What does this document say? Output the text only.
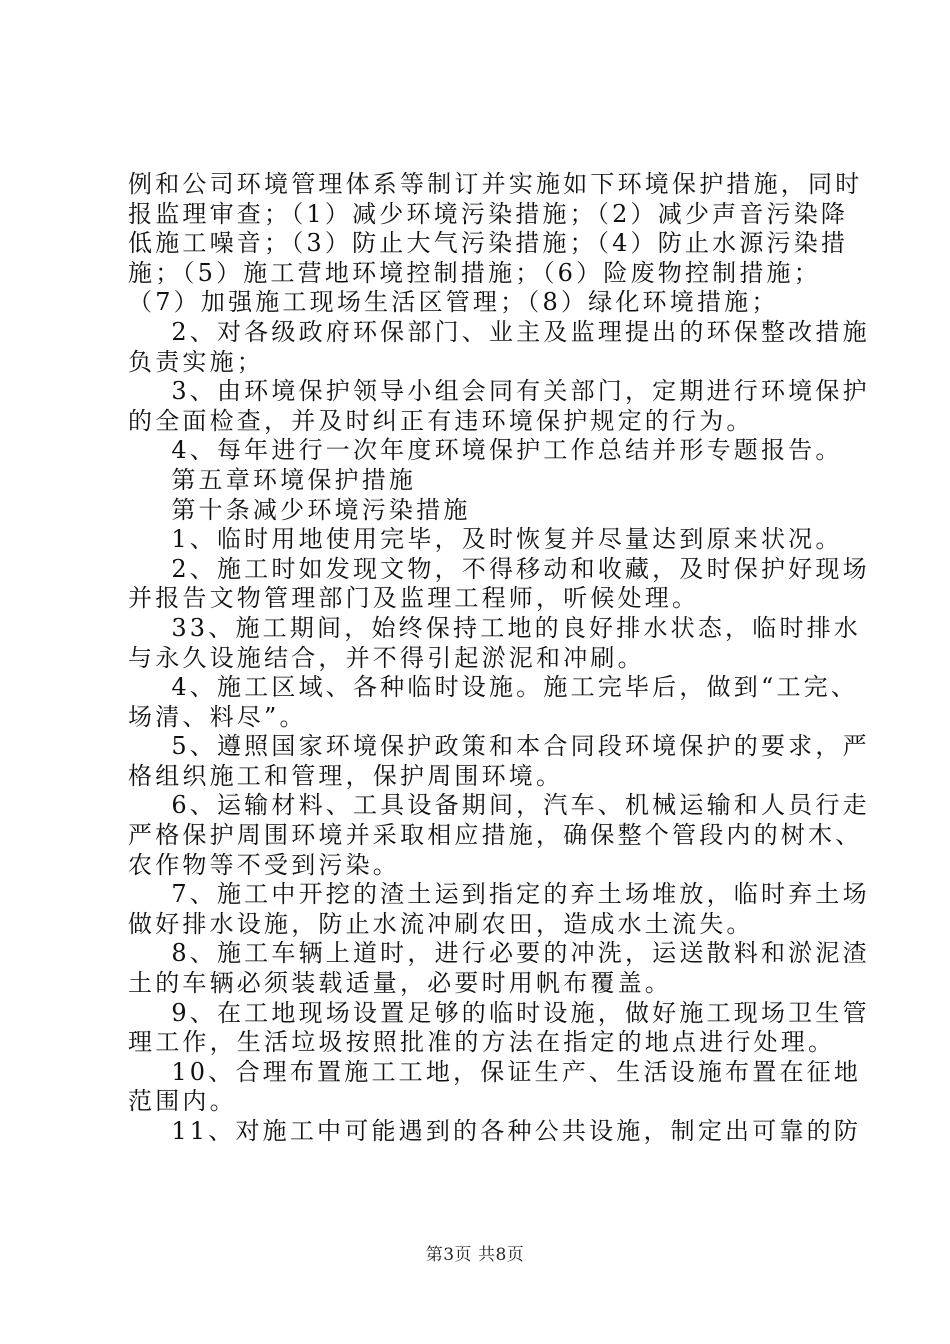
例和公司环境管理体系等制订并实施如下环境保护措施，同时
报监理审查；（1）减少环境污染措施；（2）减少声音污染降
低施工噪音；（3）防止大气污染措施；（4）防止水源污染措
施；（5）施工营地环境控制措施；（6）险废物控制措施；
（7）加强施工现场生活区管理；（8）绿化环境措施；
2、对各级政府环保部门、业主及监理提出的环保整改措施
负责实施；
3、由环境保护领导小组会同有关部门，定期进行环境保护
的全面检查，并及时纠正有违环境保护规定的行为。
4、每年进行一次年度环境保护工作总结并形专题报告。
第五章环境保护措施
第十条减少环境污染措施
1、临时用地使用完毕，及时恢复并尽量达到原来状况。
2、施工时如发现文物，不得移动和收藏，及时保护好现场
并报告文物管理部门及监理工程师，听候处理。
33、施工期间，始终保持工地的良好排水状态，临时排水
与永久设施结合，并不得引起淤泥和冲刷。
4、施工区域、各种临时设施。施工完毕后，做到“工完、
场清、料尽”。
5、遵照国家环境保护政策和本合同段环境保护的要求，严
格组织施工和管理，保护周围环境。
6、运输材料、工具设备期间，汽车、机械运输和人员行走
严格保护周围环境并采取相应措施，确保整个管段内的树木、
农作物等不受到污染。
7、施工中开挖的渣土运到指定的弃土场堆放，临时弃土场
做好排水设施，防止水流冲刷农田，造成水土流失。
8、施工车辆上道时，进行必要的冲洗，运送散料和淤泥渣
土的车辆必须装载适量，必要时用帆布覆盖。
9、在工地现场设置足够的临时设施，做好施工现场卫生管
理工作，生活垃圾按照批准的方法在指定的地点进行处理。
10、合理布置施工工地，保证生产、生活设施布置在征地
范围内。
11、对施工中可能遇到的各种公共设施，制定出可靠的防
第3页 共8页
